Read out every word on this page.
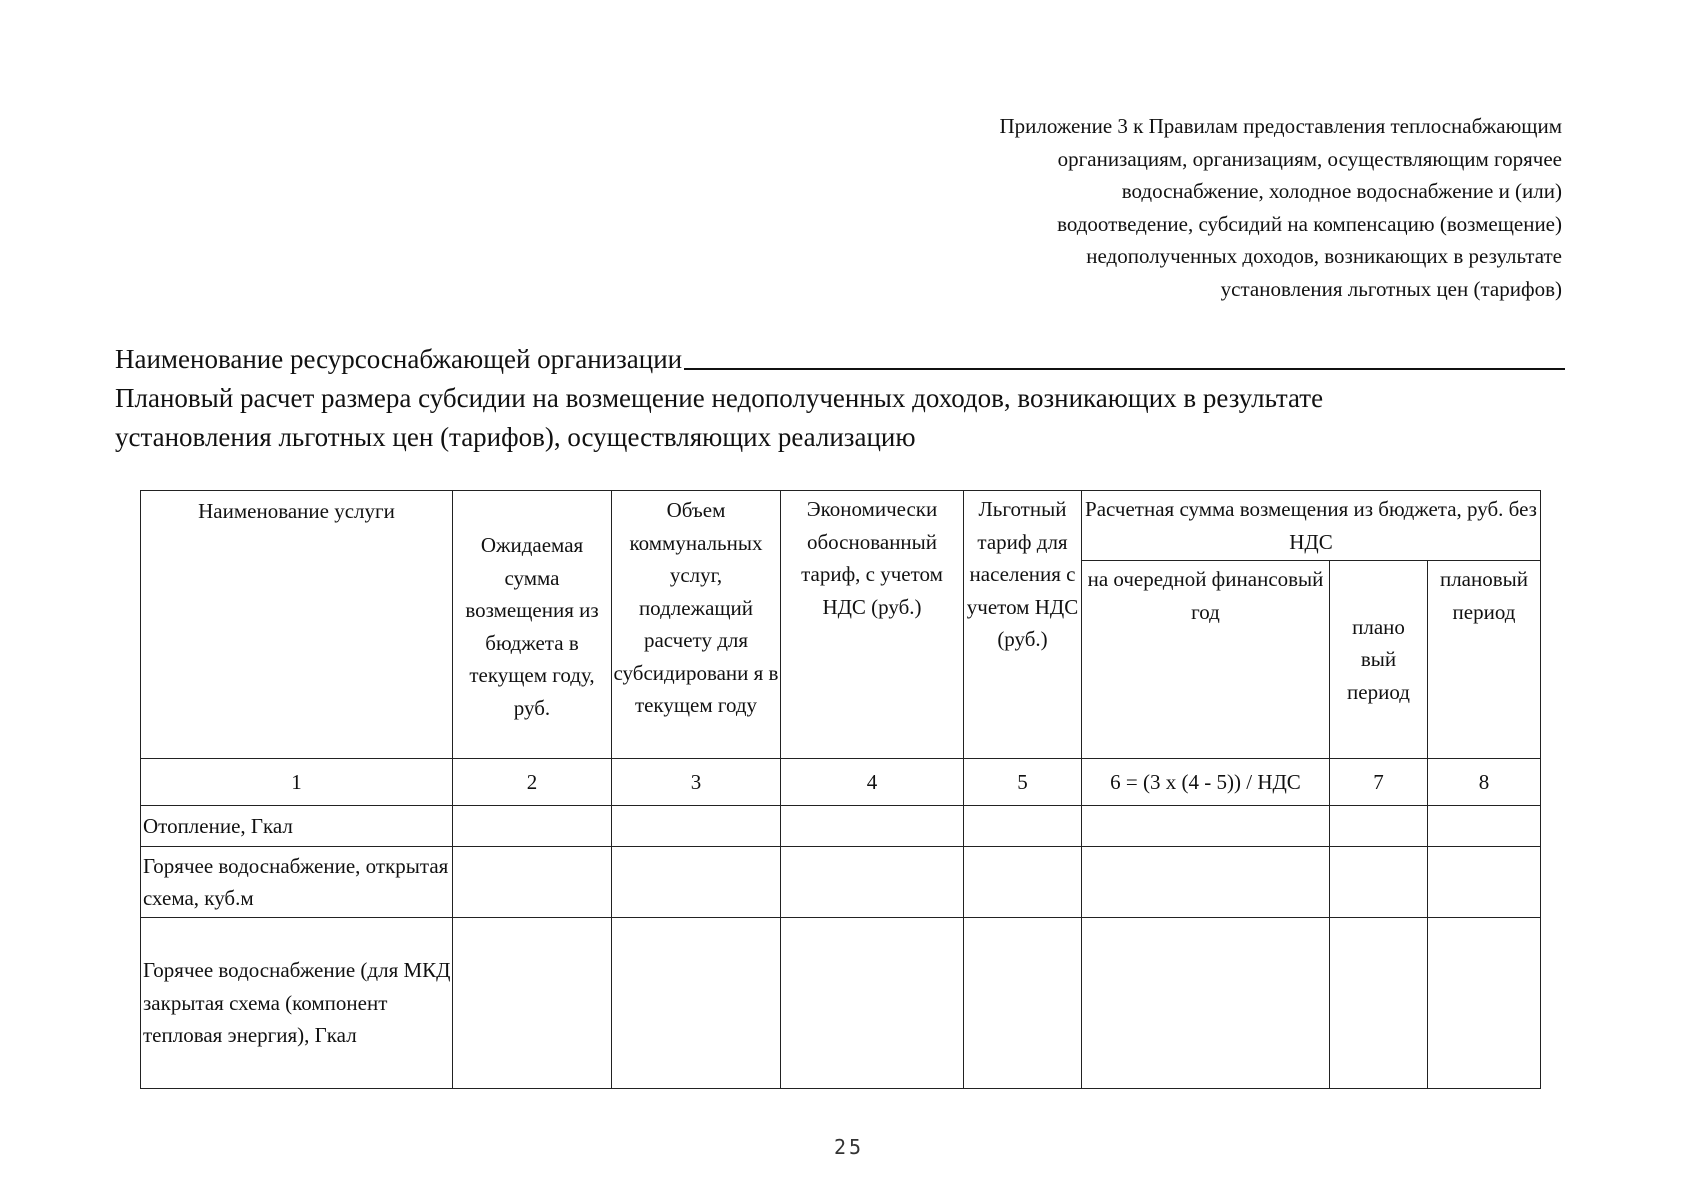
Приложение 3 к Правилам предоставления теплоснабжающим
организациям, организациям, осуществляющим горячее
водоснабжение, холодное водоснабжение и (или)
водоотведение, субсидий на компенсацию (возмещение)
недополученных доходов, возникающих в результате
установления льготных цен (тарифов)
Наименование ресурсоснабжающей организации
Плановый расчет размера субсидии на возмещение недополученных доходов, возникающих в результате
установления льготных цен (тарифов), осуществляющих реализацию
Наименование услуги	Ожидаемая сумма возмещения из бюджета в текущем году, руб.	Объем коммунальных услуг, подлежащий расчету для субсидировани я в текущем году	Экономически обоснованный тариф, с учетом НДС (руб.)	Льготный тариф для населения с учетом НДС (руб.)	Расчетная сумма возмещения из бюджета, руб. без НДС		
					на очередной финансовый год	плано вый период	плановый период
1	2	3	4	5	6 = (3 х (4 - 5)) / НДС	7	8
Отопление, Гкал							
Горячее водоснабжение, открытая схема, куб.м							
Горячее водоснабжение (для МКД закрытая схема (компонент тепловая энергия), Гкал							
25
